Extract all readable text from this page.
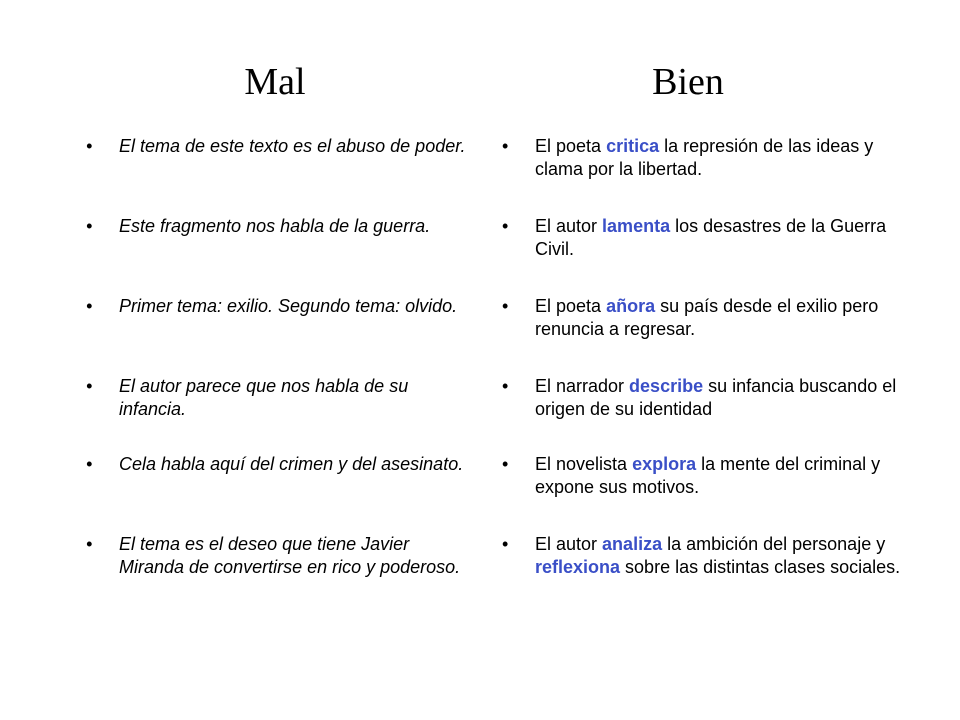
Mal	Bien
• El tema de este texto es el abuso de poder.
• Este fragmento nos habla de la guerra.
• Primer tema: exilio. Segundo tema: olvido.
• El autor parece que nos habla de su infancia.
• Cela habla aquí del crimen y del asesinato.
• El tema es el deseo que tiene Javier Miranda de convertirse en rico y poderoso.
• El poeta critica la represión de las ideas y clama por la libertad.
• El autor lamenta los desastres de la Guerra Civil.
• El poeta añora su país desde el exilio pero renuncia a regresar.
• El narrador describe su infancia buscando el origen de su identidad
• El novelista explora la mente del criminal y expone sus motivos.
• El autor analiza la ambición del personaje y reflexiona sobre las distintas clases sociales.
